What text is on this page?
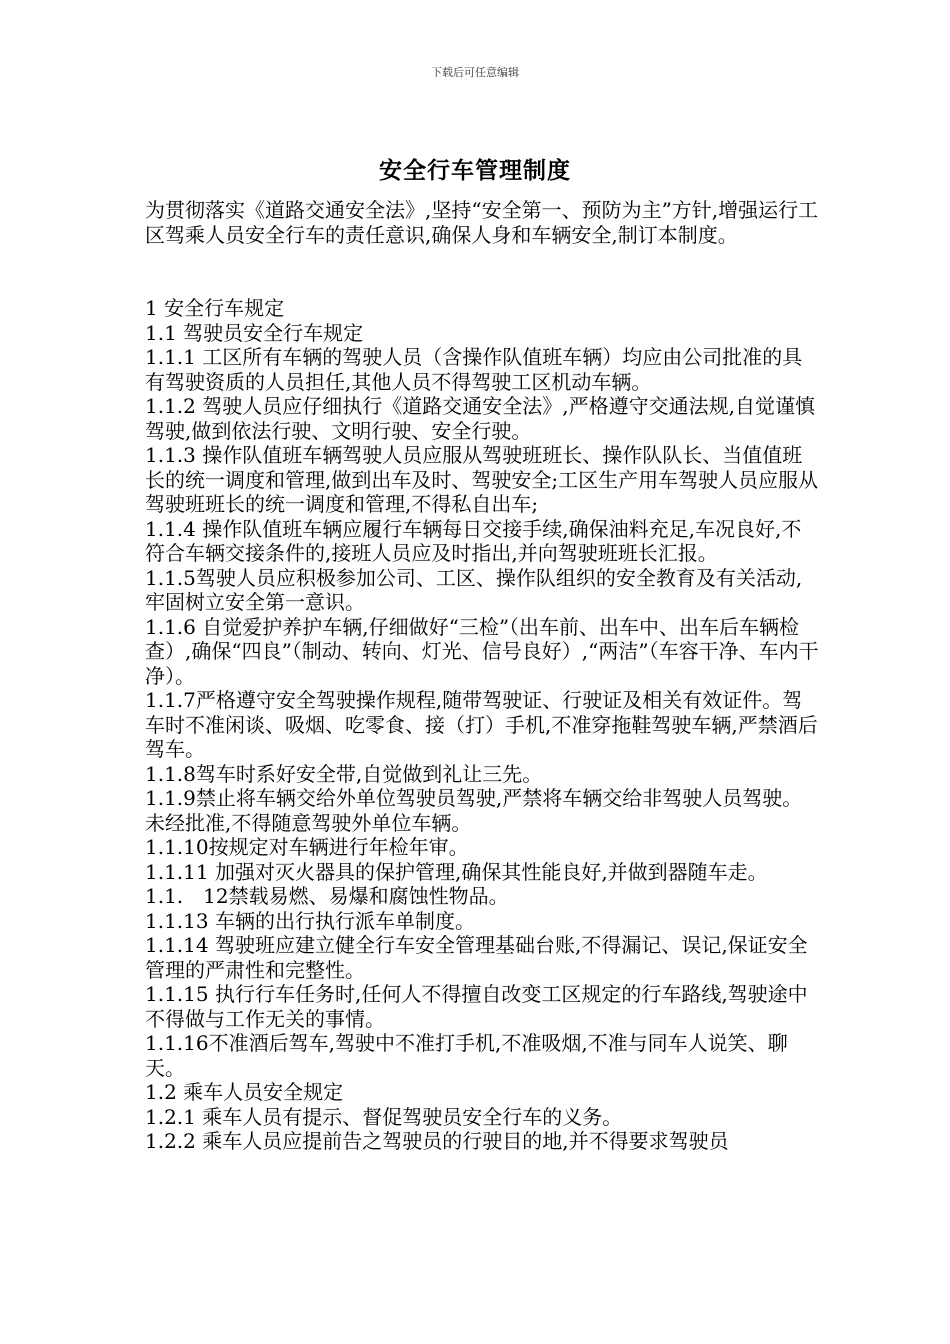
下载后可任意编辑
安全行车管理制度

为贯彻落实《道路交通安全法》,坚持“安全第一、预防为主”方针,增强运行工区驾乘人员安全行车的责任意识,确保人身和车辆安全,制订本制度。

1 安全行车规定

1.1 驾驶员安全行车规定

1.1.1 工区所有车辆的驾驶人员（含操作队值班车辆）均应由公司批准的具有驾驶资质的人员担任,其他人员不得驾驶工区机动车辆。

1.1.2 驾驶人员应仔细执行《道路交通安全法》,严格遵守交通法规,自觉谨慎驾驶,做到依法行驶、文明行驶、安全行驶。

1.1.3 操作队值班车辆驾驶人员应服从驾驶班班长、操作队队长、当值值班长的统一调度和管理,做到出车及时、驾驶安全;工区生产用车驾驶人员应服从驾驶班班长的统一调度和管理,不得私自出车;

1.1.4 操作队值班车辆应履行车辆每日交接手续,确保油料充足,车况良好,不符合车辆交接条件的,接班人员应及时指出,并向驾驶班班长汇报。

1.1.5驾驶人员应积极参加公司、工区、操作队组织的安全教育及有关活动,牢固树立安全第一意识。

1.1.6 自觉爱护养护车辆,仔细做好“三检”（出车前、出车中、出车后车辆检查）,确保“四良”（制动、转向、灯光、信号良好）,“两洁”（车容干净、车内干净）。

1.1.7严格遵守安全驾驶操作规程,随带驾驶证、行驶证及相关有效证件。驾车时不准闲谈、吸烟、吃零食、接（打）手机,不准穿拖鞋驾驶车辆,严禁酒后驾车。

1.1.8驾车时系好安全带,自觉做到礼让三先。

1.1.9禁止将车辆交给外单位驾驶员驾驶,严禁将车辆交给非驾驶人员驾驶。未经批准,不得随意驾驶外单位车辆。

1.1.10按规定对车辆进行年检年审。

1.1.11 加强对灭火器具的保护管理,确保其性能良好,并做到器随车走。

1.1.　12禁载易燃、易爆和腐蚀性物品。

1.1.13 车辆的出行执行派车单制度。

1.1.14 驾驶班应建立健全行车安全管理基础台账,不得漏记、误记,保证安全管理的严肃性和完整性。

1.1.15 执行行车任务时,任何人不得擅自改变工区规定的行车路线,驾驶途中不得做与工作无关的事情。

1.1.16不准酒后驾车,驾驶中不准打手机,不准吸烟,不准与同车人说笑、聊天。

1.2 乘车人员安全规定

1.2.1 乘车人员有提示、督促驾驶员安全行车的义务。

1.2.2 乘车人员应提前告之驾驶员的行驶目的地,并不得要求驾驶员
